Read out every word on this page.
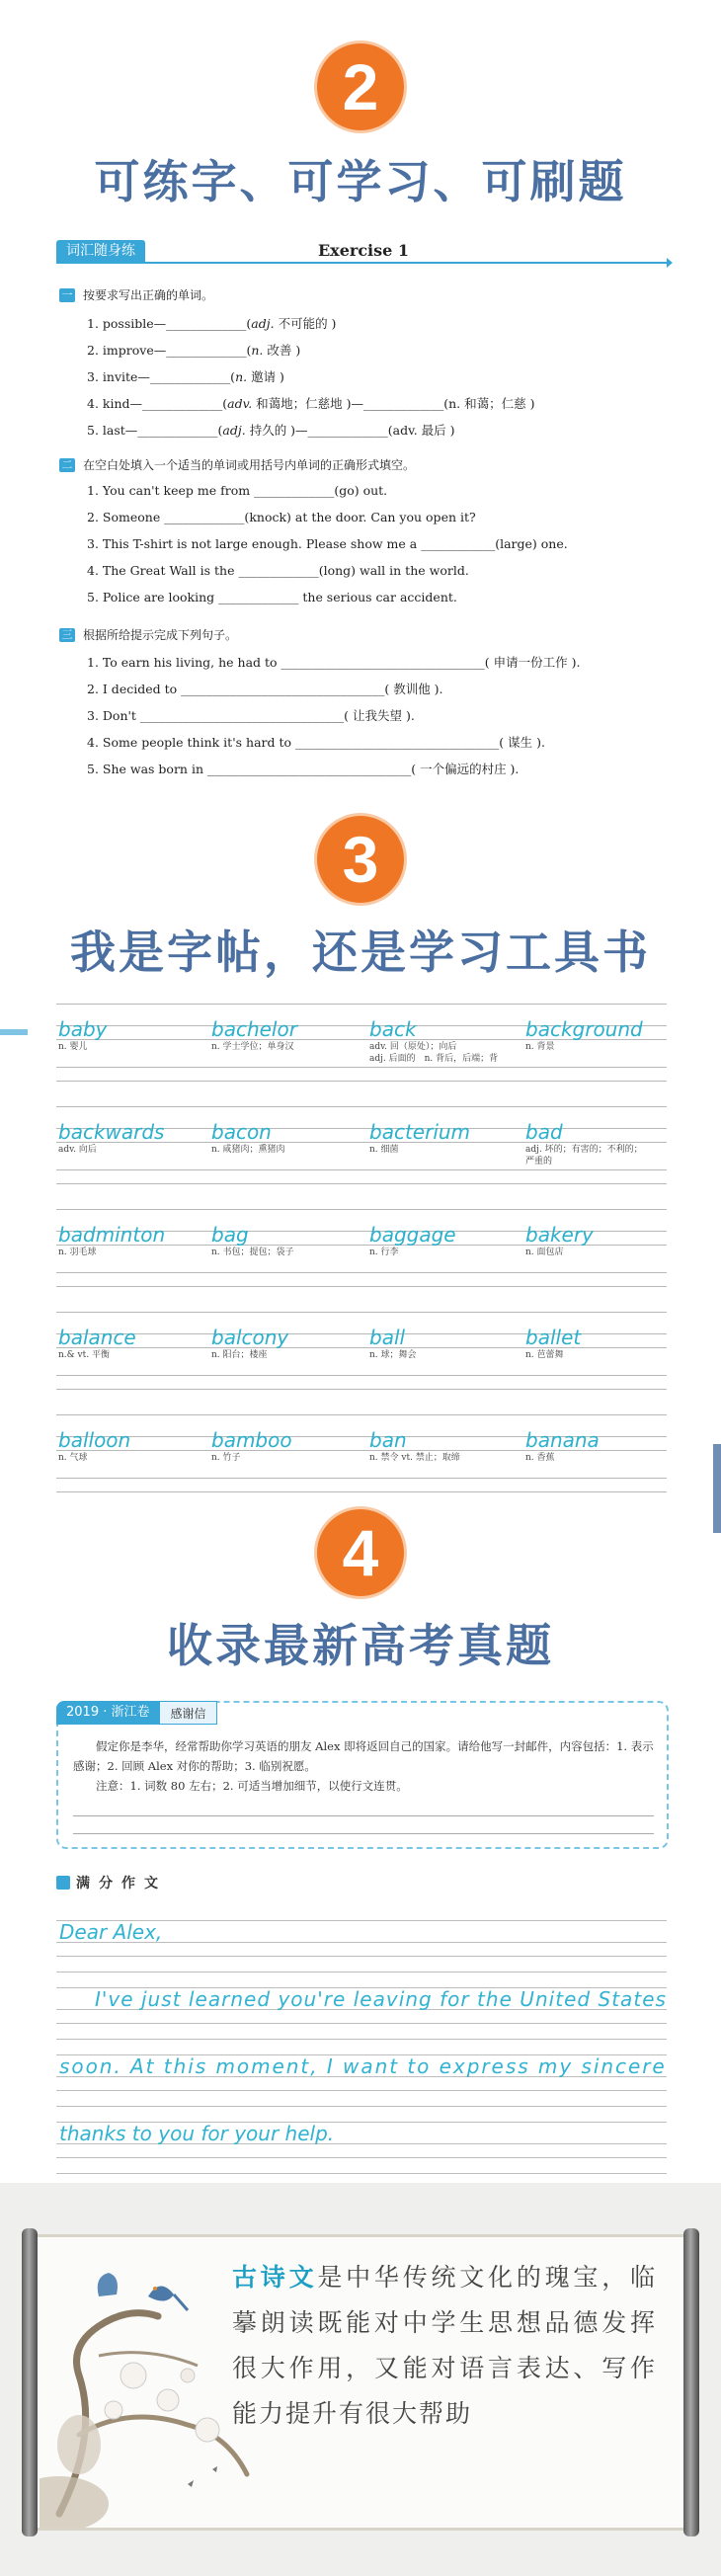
2
可练字、可学习、可刷题
词汇随身练	Exercise 1
一 按要求写出正确的单词。
1. possible—_____________(adj. 不可能的 )
2. improve—_____________(n. 改善 )
3. invite—_____________(n. 邀请 )
4. kind—_____________(adv. 和蔼地；仁慈地 )—_____________(n. 和蔼；仁慈 )
5. last—_____________(adj. 持久的 )—_____________(adv. 最后 )
二 在空白处填入一个适当的单词或用括号内单词的正确形式填空。
1. You can't keep me from _____________(go) out.
2. Someone _____________(knock) at the door. Can you open it?
3. This T-shirt is not large enough. Please show me a ____________(large) one.
4. The Great Wall is the _____________(long) wall in the world.
5. Police are looking _____________ the serious car accident.
三 根据所给提示完成下列句子。
1. To earn his living, he had to _________________________________( 申请一份工作 ).
2. I decided to _________________________________( 教训他 ).
3. Don't _________________________________( 让我失望 ).
4. Some people think it's hard to _________________________________( 谋生 ).
5. She was born in _________________________________( 一个偏远的村庄 ).
3
我是字帖，还是学习工具书
baby
n. 婴儿
bachelor
n. 学士学位；单身汉
back
adv. 回（原处）；向后
adj. 后面的　n. 背后，后端；背
background
n. 背景
backwards
adv. 向后
bacon
n. 咸猪肉；熏猪肉
bacterium
n. 细菌
bad
adj. 坏的；有害的；不利的；
严重的
badminton
n. 羽毛球
bag
n. 书包；提包；袋子
baggage
n. 行李
bakery
n. 面包店
balance
n.& vt. 平衡
balcony
n. 阳台；楼座
ball
n. 球；舞会
ballet
n. 芭蕾舞
balloon
n. 气球
bamboo
n. 竹子
ban
n. 禁令 vt. 禁止；取缔
banana
n. 香蕉
4
收录最新高考真题
2019 · 浙江卷	感谢信
假定你是李华，经常帮助你学习英语的朋友 Alex 即将返回自己的国家。请给他写一封邮件，内容包括：1. 表示感谢；2. 回顾 Alex 对你的帮助；3. 临别祝愿。
注意：1. 词数 80 左右；2. 可适当增加细节，以使行文连贯。
满分作文
Dear Alex,
I've just learned you're leaving for the United States
soon. At this moment, I want to express my sincere
thanks to you for your help.
古诗文是中华传统文化的瑰宝，临摹朗读既能对中学生思想品德发挥很大作用，又能对语言表达、写作能力提升有很大帮助
